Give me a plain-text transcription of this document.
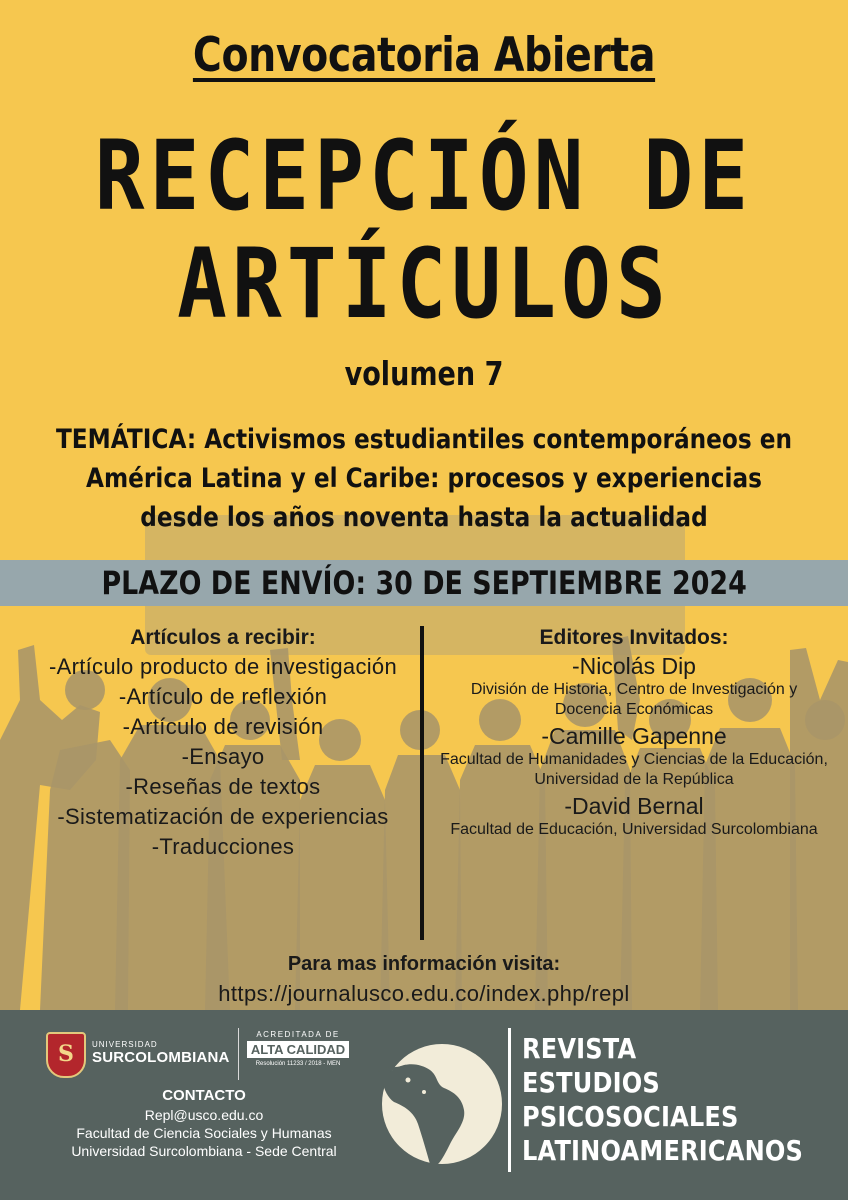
Convocatoria Abierta
RECEPCIÓN DE
ARTÍCULOS
volumen 7
TEMÁTICA: Activismos estudiantiles contemporáneos en América Latina y el Caribe: procesos y experiencias desde los años noventa hasta la actualidad
PLAZO DE ENVÍO: 30 DE SEPTIEMBRE 2024
Artículos a recibir:
-Artículo producto de investigación
-Artículo de reflexión
-Artículo de revisión
-Ensayo
-Reseñas de textos
-Sistematización de experiencias
-Traducciones
Editores Invitados:
-Nicolás Dip
División de Historia, Centro de Investigación y Docencia Económicas
-Camille Gapenne
Facultad de Humanidades y Ciencias de la Educación, Universidad de la República
-David Bernal
Facultad de Educación, Universidad Surcolombiana
Para mas información visita:
https://journalusco.edu.co/index.php/repl
S	UNIVERSIDAD
SURCOLOMBIANA
ACREDITADA DE
ALTA CALIDAD
Resolución 11233 / 2018 - MEN
CONTACTO
Repl@usco.edu.co
Facultad de Ciencia Sociales y Humanas
Universidad Surcolombiana - Sede Central
REVISTA
ESTUDIOS
PSICOSOCIALES
LATINOAMERICANOS
